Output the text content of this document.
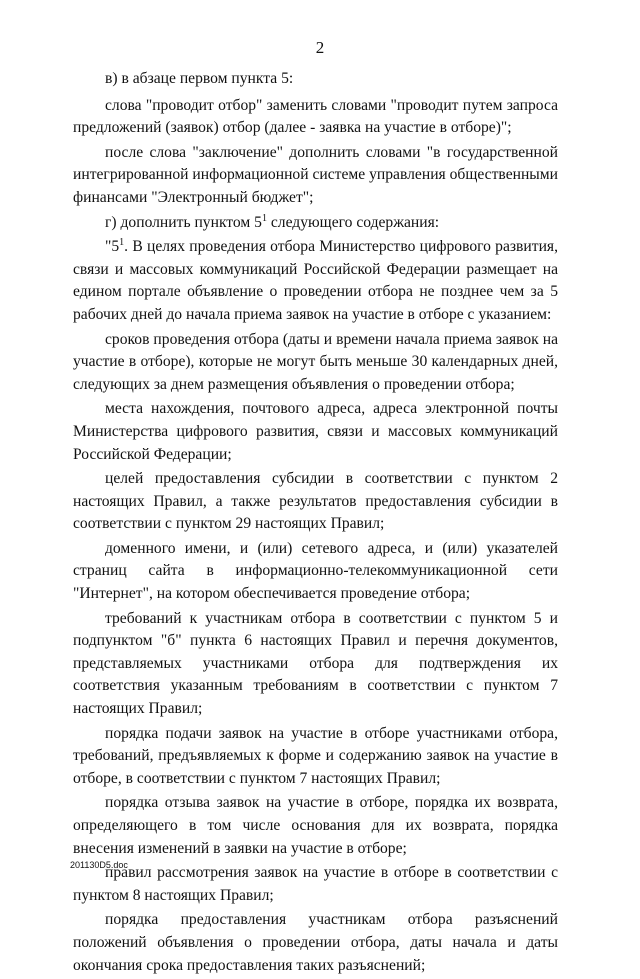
2

в) в абзаце первом пункта 5:

слова "проводит отбор" заменить словами "проводит путем запроса предложений (заявок) отбор (далее - заявка на участие в отборе)";

после слова "заключение" дополнить словами "в государственной интегрированной информационной системе управления общественными финансами "Электронный бюджет";

г) дополнить пунктом $5^1$ следующего содержания:

"$5^1$. В целях проведения отбора Министерство цифрового развития, связи и массовых коммуникаций Российской Федерации размещает на едином портале объявление о проведении отбора не позднее чем за 5 рабочих дней до начала приема заявок на участие в отборе с указанием:

сроков проведения отбора (даты и времени начала приема заявок на участие в отборе), которые не могут быть меньше 30 календарных дней, следующих за днем размещения объявления о проведении отбора;

места нахождения, почтового адреса, адреса электронной почты Министерства цифрового развития, связи и массовых коммуникаций Российской Федерации;

целей предоставления субсидии в соответствии с пунктом 2 настоящих Правил, а также результатов предоставления субсидии в соответствии с пунктом 29 настоящих Правил;

доменного имени, и (или) сетевого адреса, и (или) указателей страниц сайта в информационно-телекоммуникационной сети "Интернет", на котором обеспечивается проведение отбора;

требований к участникам отбора в соответствии с пунктом 5 и подпунктом "б" пункта 6 настоящих Правил и перечня документов, представляемых участниками отбора для подтверждения их соответствия указанным требованиям в соответствии с пунктом 7 настоящих Правил;

порядка подачи заявок на участие в отборе участниками отбора, требований, предъявляемых к форме и содержанию заявок на участие в отборе, в соответствии с пунктом 7 настоящих Правил;

порядка отзыва заявок на участие в отборе, порядка их возврата, определяющего в том числе основания для их возврата, порядка внесения изменений в заявки на участие в отборе;

правил рассмотрения заявок на участие в отборе в соответствии с пунктом 8 настоящих Правил;

порядка предоставления участникам отбора разъяснений положений объявления о проведении отбора, даты начала и даты окончания срока предоставления таких разъяснений;

201130D5.doc
